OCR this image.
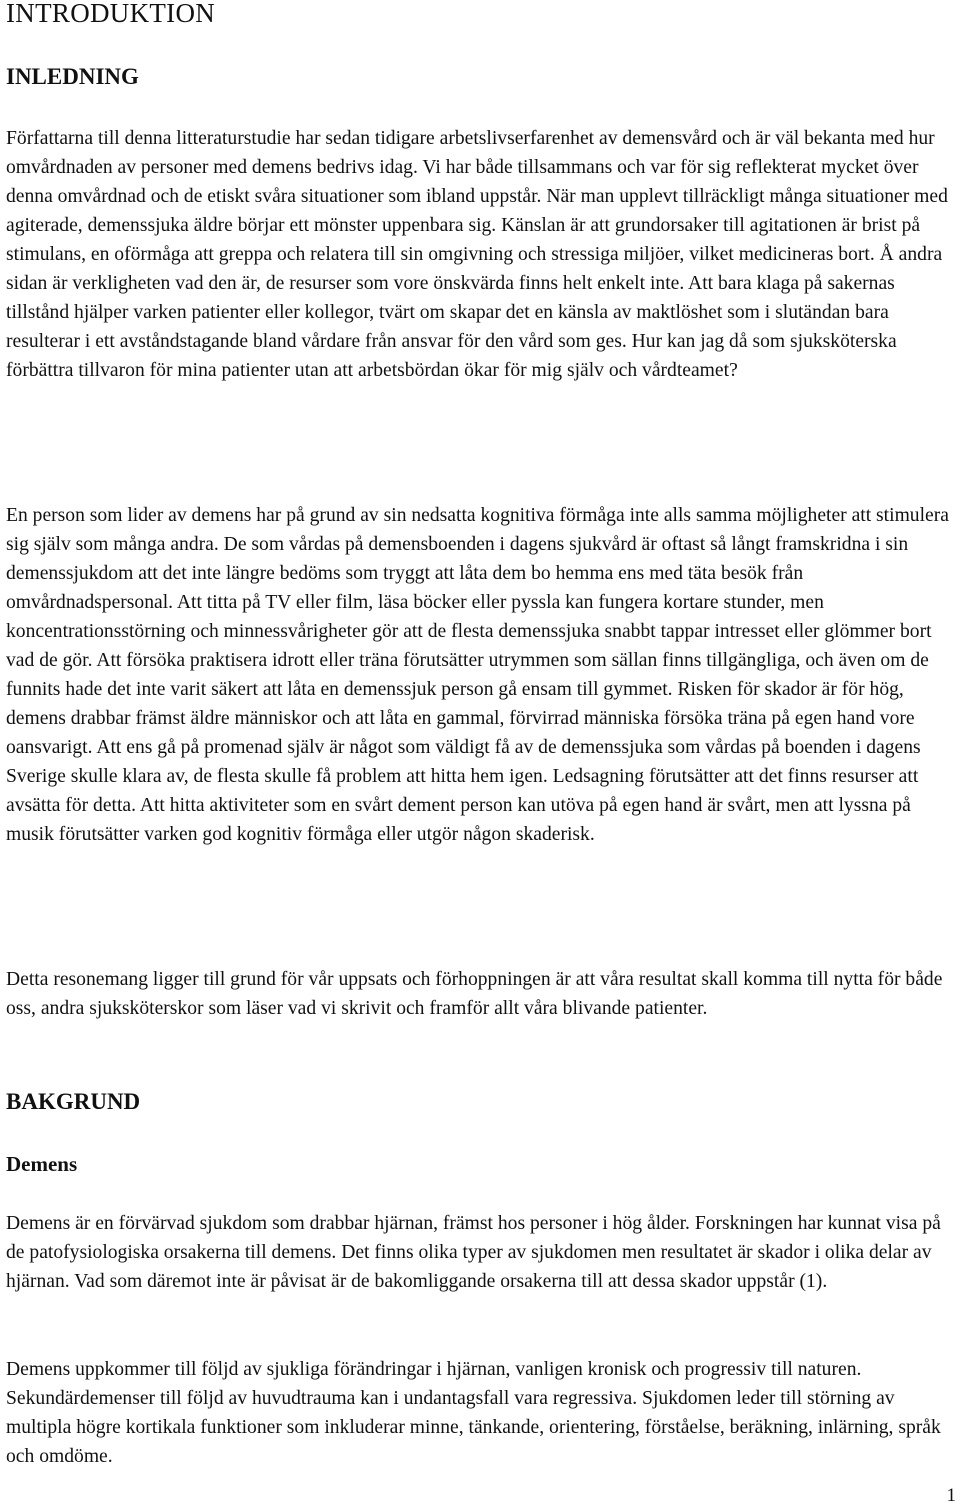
INTRODUKTION
INLEDNING

Författarna till denna litteraturstudie har sedan tidigare arbetslivserfarenhet av demensvård och är väl bekanta med hur omvårdnaden av personer med demens bedrivs idag. Vi har både tillsammans och var för sig reflekterat mycket över denna omvårdnad och de etiskt svåra situationer som ibland uppstår. När man upplevt tillräckligt många situationer med agiterade, demenssjuka äldre börjar ett mönster uppenbara sig. Känslan är att grundorsaker till agitationen är brist på stimulans, en oförmåga att greppa och relatera till sin omgivning och stressiga miljöer, vilket medicineras bort. Å andra sidan är verkligheten vad den är, de resurser som vore önskvärda finns helt enkelt inte. Att bara klaga på sakernas tillstånd hjälper varken patienter eller kollegor, tvärt om skapar det en känsla av maktlöshet som i slutändan bara resulterar i ett avståndstagande bland vårdare från ansvar för den vård som ges. Hur kan jag då som sjuksköterska förbättra tillvaron för mina patienter utan att arbetsbördan ökar för mig själv och vårdteamet?

En person som lider av demens har på grund av sin nedsatta kognitiva förmåga inte alls samma möjligheter att stimulera sig själv som många andra. De som vårdas på demensboenden i dagens sjukvård är oftast så långt framskridna i sin demenssjukdom att det inte längre bedöms som tryggt att låta dem bo hemma ens med täta besök från omvårdnadspersonal. Att titta på TV eller film, läsa böcker eller pyssla kan fungera kortare stunder, men koncentrationsstörning och minnessvårigheter gör att de flesta demenssjuka snabbt tappar intresset eller glömmer bort vad de gör. Att försöka praktisera idrott eller träna förutsätter utrymmen som sällan finns tillgängliga, och även om de funnits hade det inte varit säkert att låta en demenssjuk person gå ensam till gymmet. Risken för skador är för hög, demens drabbar främst äldre människor och att låta en gammal, förvirrad människa försöka träna på egen hand vore oansvarigt. Att ens gå på promenad själv är något som väldigt få av de demenssjuka som vårdas på boenden i dagens Sverige skulle klara av, de flesta skulle få problem att hitta hem igen. Ledsagning förutsätter att det finns resurser att avsätta för detta. Att hitta aktiviteter som en svårt dement person kan utöva på egen hand är svårt, men att lyssna på musik förutsätter varken god kognitiv förmåga eller utgör någon skaderisk.

Detta resonemang ligger till grund för vår uppsats och förhoppningen är att våra resultat skall komma till nytta för både oss, andra sjuksköterskor som läser vad vi skrivit och framför allt våra blivande patienter.

BAKGRUND
Demens

Demens är en förvärvad sjukdom som drabbar hjärnan, främst hos personer i hög ålder. Forskningen har kunnat visa på de patofysiologiska orsakerna till demens. Det finns olika typer av sjukdomen men resultatet är skador i olika delar av hjärnan. Vad som däremot inte är påvisat är de bakomliggande orsakerna till att dessa skador uppstår (1).

Demens uppkommer till följd av sjukliga förändringar i hjärnan, vanligen kronisk och progressiv till naturen. Sekundärdemenser till följd av huvudtrauma kan i undantagsfall vara regressiva. Sjukdomen leder till störning av multipla högre kortikala funktioner som inkluderar minne, tänkande, orientering, förståelse, beräkning, inlärning, språk och omdöme.

1
